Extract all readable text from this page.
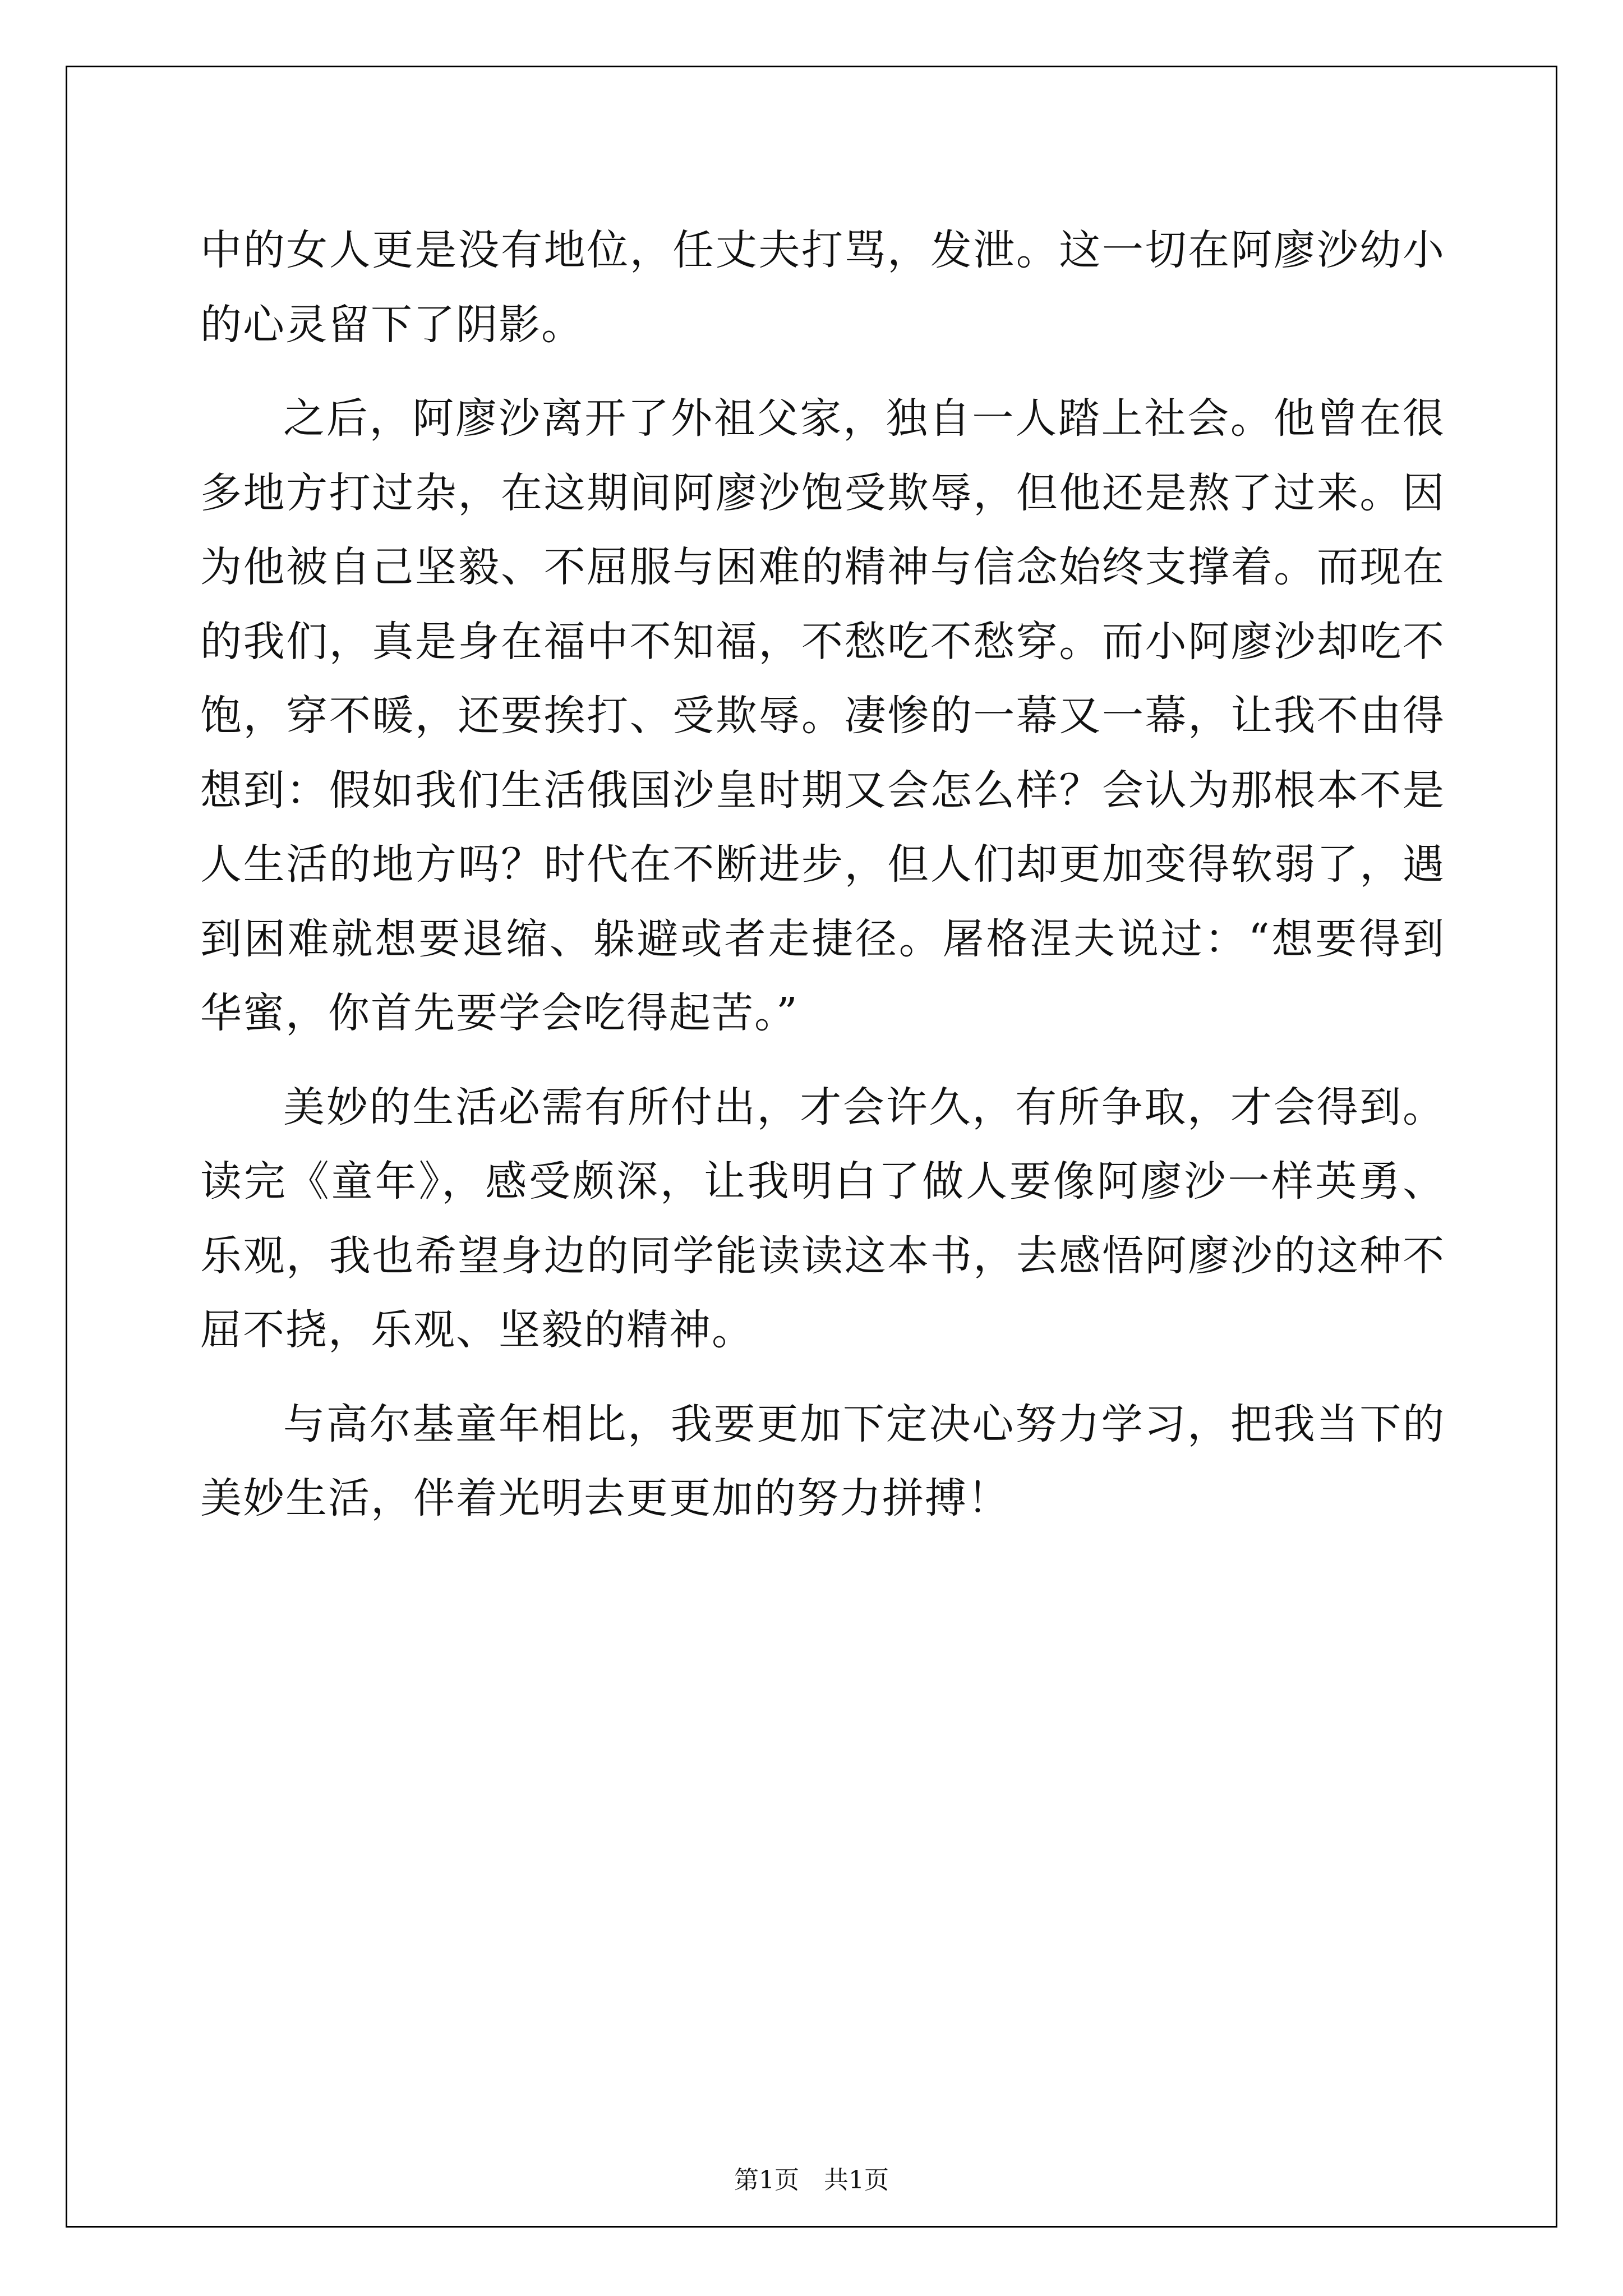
中的女人更是没有地位，任丈夫打骂，发泄。这一切在阿廖沙幼小的心灵留下了阴影。

之后，阿廖沙离开了外祖父家，独自一人踏上社会。他曾在很多地方打过杂，在这期间阿廖沙饱受欺辱，但他还是熬了过来。因为他被自己坚毅、不屈服与困难的精神与信念始终支撑着。而现在的我们，真是身在福中不知福，不愁吃不愁穿。而小阿廖沙却吃不饱，穿不暖，还要挨打、受欺辱。凄惨的一幕又一幕，让我不由得想到：假如我们生活俄国沙皇时期又会怎么样？会认为那根本不是人生活的地方吗？时代在不断进步，但人们却更加变得软弱了，遇到困难就想要退缩、躲避或者走捷径。屠格涅夫说过：“想要得到华蜜，你首先要学会吃得起苦。”

美妙的生活必需有所付出，才会许久，有所争取，才会得到。读完《童年》，感受颇深，让我明白了做人要像阿廖沙一样英勇、乐观，我也希望身边的同学能读读这本书，去感悟阿廖沙的这种不屈不挠，乐观、坚毅的精神。

与高尔基童年相比，我要更加下定决心努力学习，把我当下的美妙生活，伴着光明去更更加的努力拼搏！

第1页 共1页
